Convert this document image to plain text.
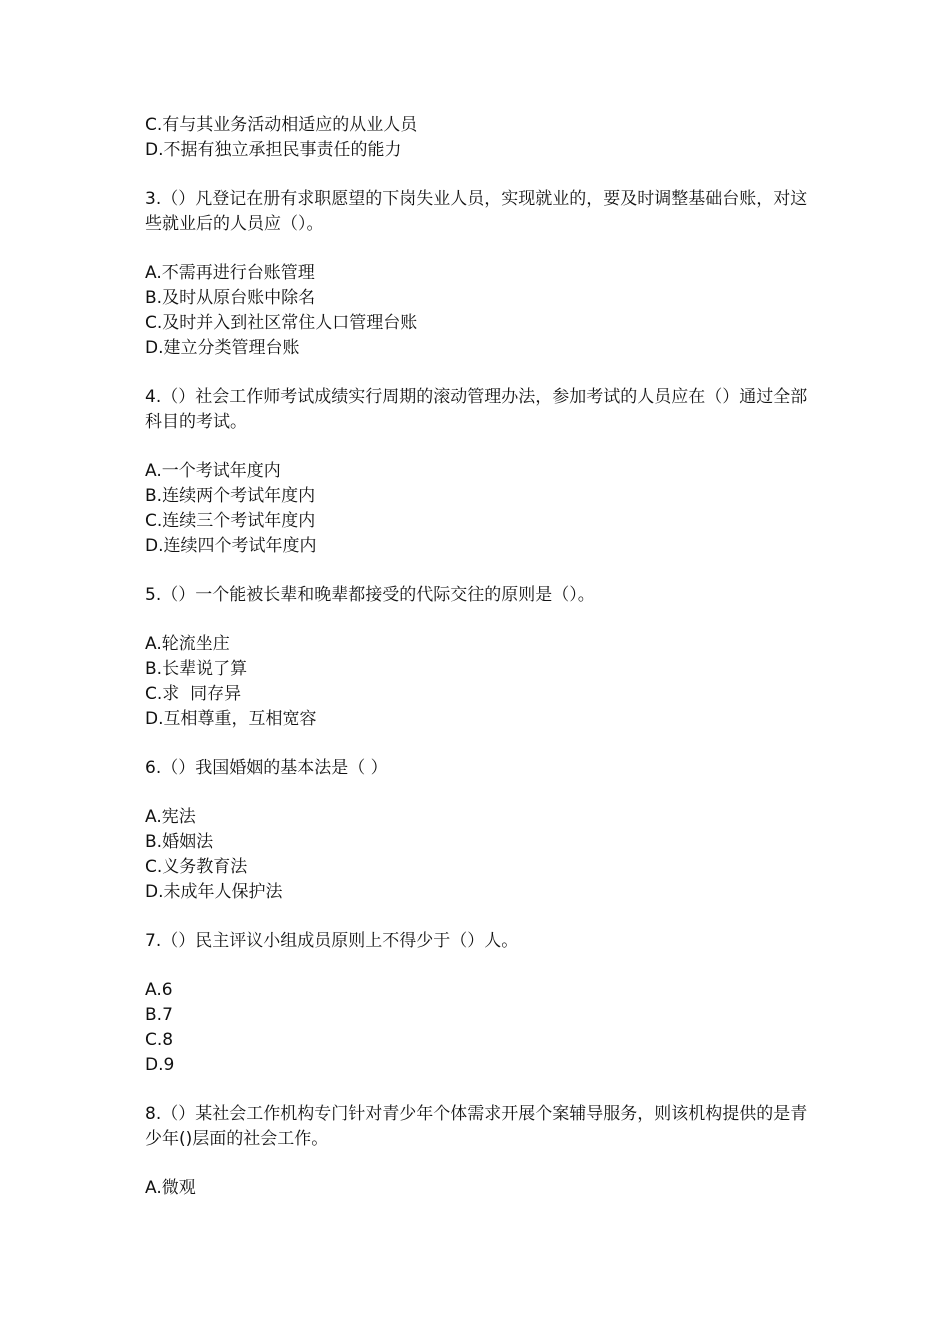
C.有与其业务活动相适应的从业人员
D.不据有独立承担民事责任的能力
3.（）凡登记在册有求职愿望的下岗失业人员，实现就业的，要及时调整基础台账，对这些就业后的人员应（）。
A.不需再进行台账管理
B.及时从原台账中除名
C.及时并入到社区常住人口管理台账
D.建立分类管理台账
4.（）社会工作师考试成绩实行周期的滚动管理办法，参加考试的人员应在（）通过全部科目的考试。
A.一个考试年度内
B.连续两个考试年度内
C.连续三个考试年度内
D.连续四个考试年度内
5.（）一个能被长辈和晚辈都接受的代际交往的原则是（）。
A.轮流坐庄
B.长辈说了算
C.求  同存异
D.互相尊重，互相宽容
6.（）我国婚姻的基本法是（ ）
A.宪法
B.婚姻法
C.义务教育法
D.未成年人保护法
7.（）民主评议小组成员原则上不得少于（）人。
A.6
B.7
C.8
D.9
8.（）某社会工作机构专门针对青少年个体需求开展个案辅导服务，则该机构提供的是青少年()层面的社会工作。
A.微观
